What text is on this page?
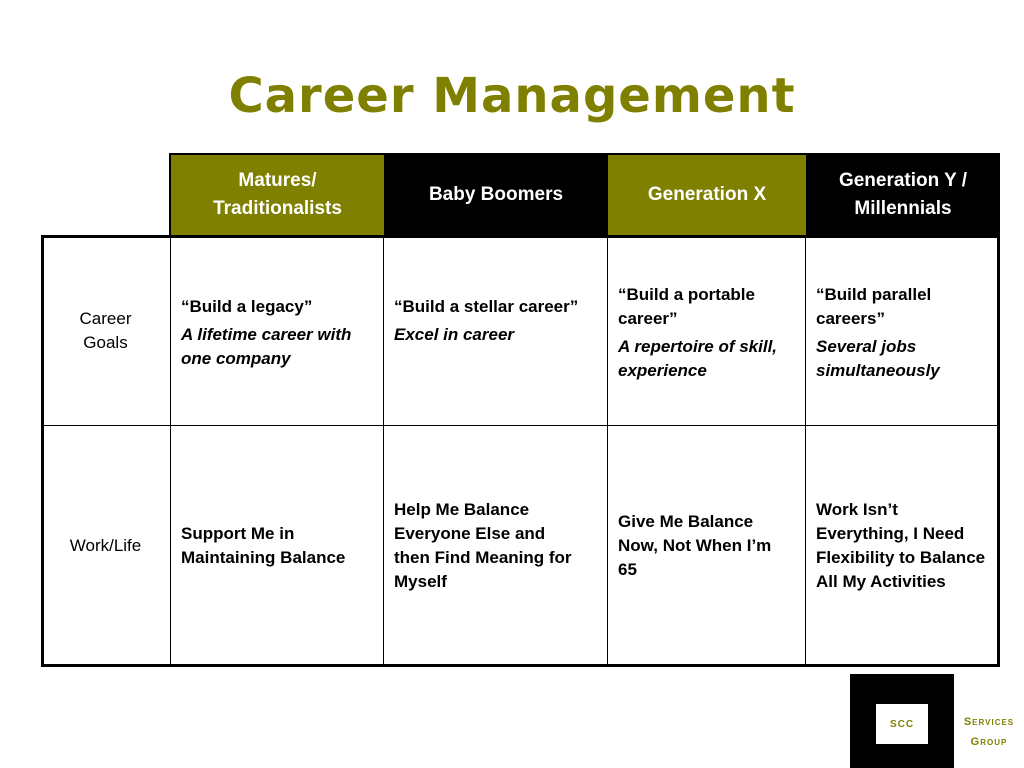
Career Management
Matures/
Traditionalists
Baby Boomers	Generation X
Generation Y /
Millennials
Career Goals
“Build a legacy”
A lifetime career with one company
“Build a stellar career”
Excel in career
“Build a portable career”
A repertoire of skill, experience
“Build parallel careers”
Several jobs simultaneously
Work/Life
Support Me in Maintaining Balance
Help Me Balance Everyone Else and then Find Meaning for Myself
Give Me Balance Now, Not When I’m 65
Work Isn’t Everything, I Need Flexibility to Balance All My Activities
SCC	Services
Group
